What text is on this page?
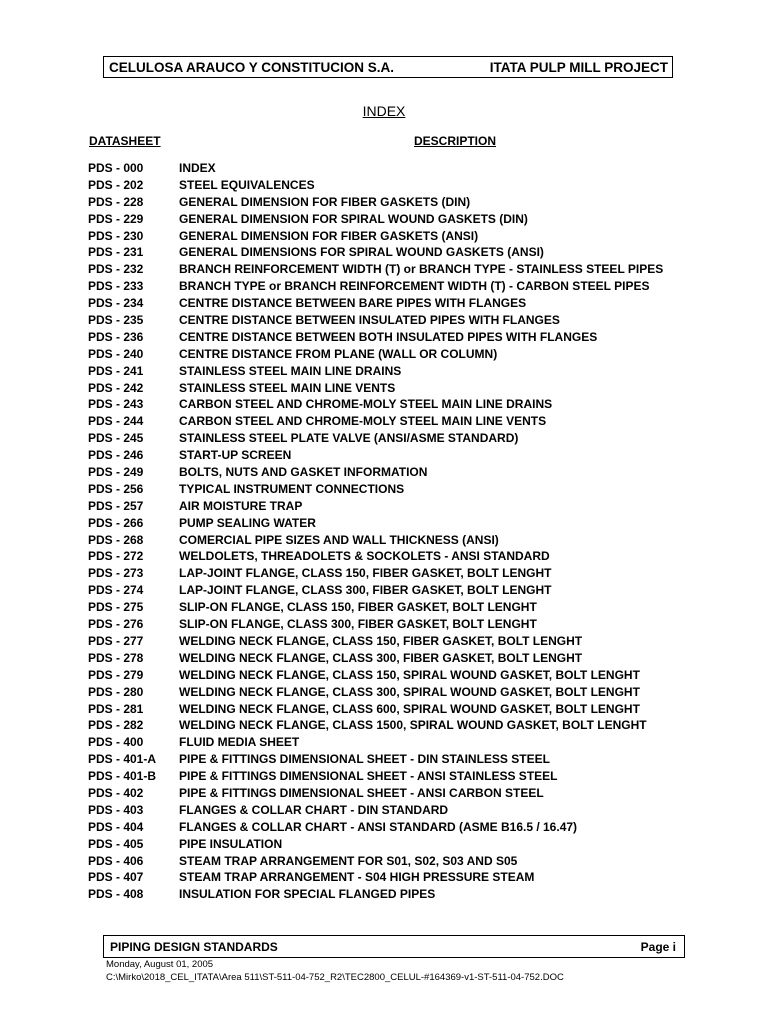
CELULOSA ARAUCO Y CONSTITUCION S.A.	ITATA PULP MILL PROJECT
INDEX
DATASHEET	DESCRIPTION
PDS - 000	INDEX
PDS - 202	STEEL EQUIVALENCES
PDS - 228	GENERAL DIMENSION FOR FIBER GASKETS (DIN)
PDS - 229	GENERAL DIMENSION FOR SPIRAL WOUND GASKETS (DIN)
PDS - 230	GENERAL DIMENSION FOR FIBER GASKETS (ANSI)
PDS - 231	GENERAL DIMENSIONS FOR SPIRAL WOUND GASKETS (ANSI)
PDS - 232	BRANCH REINFORCEMENT WIDTH (T) or BRANCH TYPE - STAINLESS STEEL PIPES
PDS - 233	BRANCH TYPE or BRANCH REINFORCEMENT WIDTH (T) - CARBON STEEL PIPES
PDS - 234	CENTRE DISTANCE BETWEEN BARE PIPES WITH FLANGES
PDS - 235	CENTRE DISTANCE BETWEEN INSULATED PIPES WITH FLANGES
PDS - 236	CENTRE DISTANCE BETWEEN BOTH INSULATED PIPES WITH FLANGES
PDS - 240	CENTRE DISTANCE FROM PLANE (WALL OR COLUMN)
PDS - 241	STAINLESS STEEL MAIN LINE DRAINS
PDS - 242	STAINLESS STEEL MAIN LINE VENTS
PDS - 243	CARBON STEEL AND CHROME-MOLY STEEL MAIN LINE DRAINS
PDS - 244	CARBON STEEL AND CHROME-MOLY STEEL MAIN LINE VENTS
PDS - 245	STAINLESS STEEL PLATE VALVE (ANSI/ASME STANDARD)
PDS - 246	START-UP SCREEN
PDS - 249	BOLTS, NUTS AND GASKET INFORMATION
PDS - 256	TYPICAL INSTRUMENT CONNECTIONS
PDS - 257	AIR MOISTURE TRAP
PDS - 266	PUMP SEALING WATER
PDS - 268	COMERCIAL PIPE SIZES AND WALL THICKNESS (ANSI)
PDS - 272	WELDOLETS, THREADOLETS & SOCKOLETS - ANSI STANDARD
PDS - 273	LAP-JOINT FLANGE, CLASS 150, FIBER GASKET, BOLT LENGHT
PDS - 274	LAP-JOINT FLANGE, CLASS 300, FIBER GASKET, BOLT LENGHT
PDS - 275	SLIP-ON FLANGE, CLASS 150, FIBER GASKET, BOLT LENGHT
PDS - 276	SLIP-ON FLANGE, CLASS 300, FIBER GASKET, BOLT LENGHT
PDS - 277	WELDING NECK FLANGE, CLASS 150, FIBER GASKET, BOLT LENGHT
PDS - 278	WELDING NECK FLANGE, CLASS 300, FIBER GASKET, BOLT LENGHT
PDS - 279	WELDING NECK FLANGE, CLASS 150, SPIRAL WOUND GASKET, BOLT LENGHT
PDS - 280	WELDING NECK FLANGE, CLASS 300, SPIRAL WOUND GASKET, BOLT LENGHT
PDS - 281	WELDING NECK FLANGE, CLASS 600, SPIRAL WOUND GASKET, BOLT LENGHT
PDS - 282	WELDING NECK FLANGE, CLASS 1500, SPIRAL WOUND GASKET, BOLT LENGHT
PDS - 400	FLUID MEDIA SHEET
PDS - 401-A	PIPE & FITTINGS DIMENSIONAL SHEET - DIN STAINLESS STEEL
PDS - 401-B	PIPE & FITTINGS DIMENSIONAL SHEET - ANSI STAINLESS STEEL
PDS - 402	PIPE & FITTINGS DIMENSIONAL SHEET - ANSI CARBON STEEL
PDS - 403	FLANGES & COLLAR CHART - DIN STANDARD
PDS - 404	FLANGES & COLLAR CHART - ANSI STANDARD (ASME B16.5 / 16.47)
PDS - 405	PIPE INSULATION
PDS - 406	STEAM TRAP ARRANGEMENT FOR S01, S02, S03 AND S05
PDS - 407	STEAM TRAP ARRANGEMENT - S04 HIGH PRESSURE STEAM
PDS - 408	INSULATION FOR SPECIAL FLANGED PIPES
PIPING DESIGN STANDARDS	Page i
Monday, August 01, 2005
C:\Mirko\2018_CEL_ITATA\Area 511\ST-511-04-752_R2\TEC2800_CELUL-#164369-v1-ST-511-04-752.DOC
